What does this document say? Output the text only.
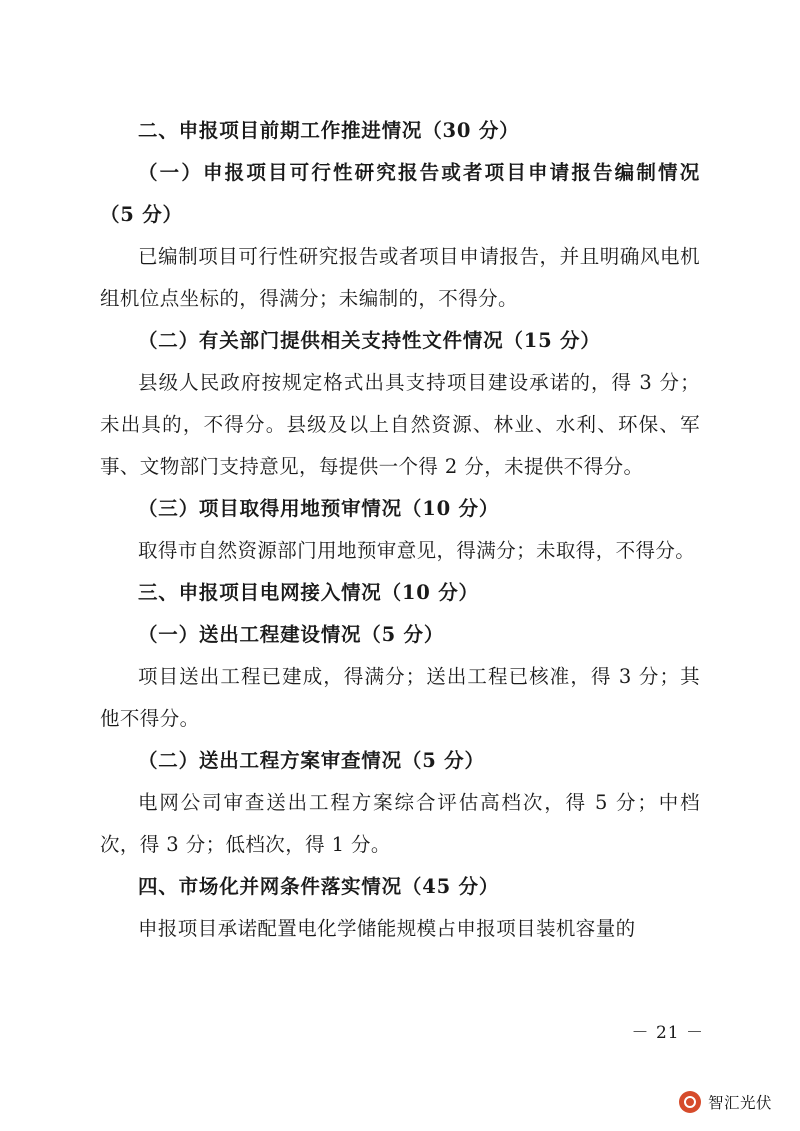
二、申报项目前期工作推进情况（30 分）

（一）申报项目可行性研究报告或者项目申请报告编制情况（5 分）

已编制项目可行性研究报告或者项目申请报告，并且明确风电机组机位点坐标的，得满分；未编制的，不得分。

（二）有关部门提供相关支持性文件情况（15 分）

县级人民政府按规定格式出具支持项目建设承诺的，得 3 分；未出具的，不得分。县级及以上自然资源、林业、水利、环保、军事、文物部门支持意见，每提供一个得 2 分，未提供不得分。

（三）项目取得用地预审情况（10 分）

取得市自然资源部门用地预审意见，得满分；未取得，不得分。

三、申报项目电网接入情况（10 分）

（一）送出工程建设情况（5 分）

项目送出工程已建成，得满分；送出工程已核准，得 3 分；其他不得分。

（二）送出工程方案审查情况（5 分）

电网公司审查送出工程方案综合评估高档次，得 5 分；中档次，得 3 分；低档次，得 1 分。

四、市场化并网条件落实情况（45 分）

申报项目承诺配置电化学储能规模占申报项目装机容量的

－ 21 －
智汇光伏
